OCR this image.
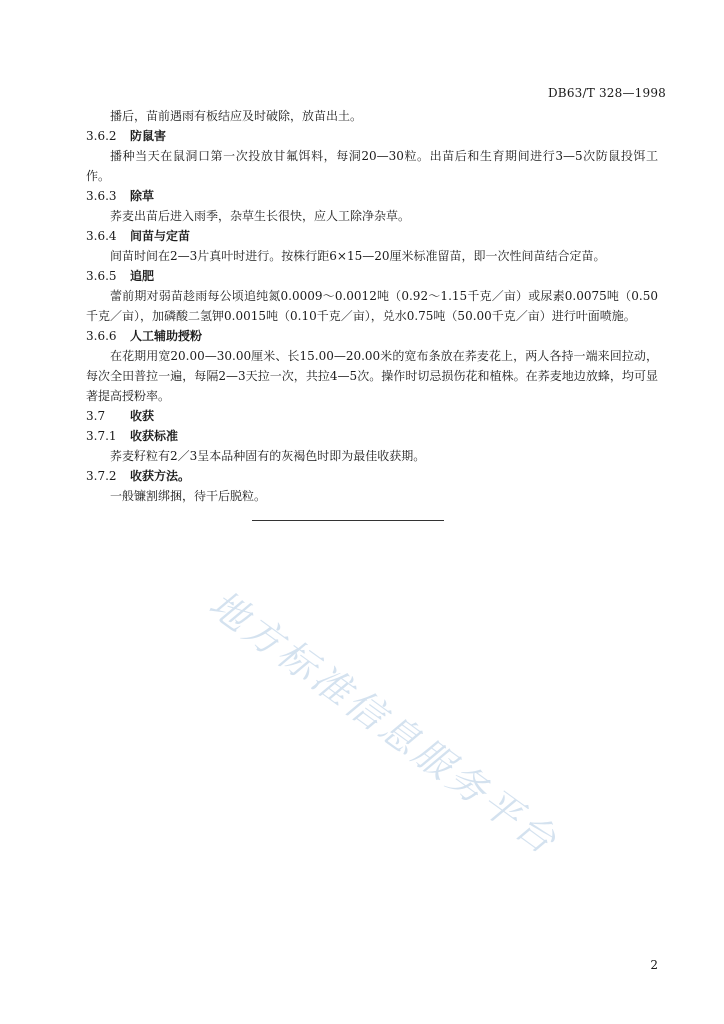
DB63/T 328—1998

播后，苗前遇雨有板结应及时破除，放苗出土。

3.6.2 防鼠害

播种当天在鼠洞口第一次投放甘氟饵料，每洞20—30粒。出苗后和生育期间进行3—5次防鼠投饵工作。

3.6.3 除草

荞麦出苗后进入雨季，杂草生长很快，应人工除净杂草。

3.6.4 间苗与定苗

间苗时间在2—3片真叶时进行。按株行距6×15—20厘米标准留苗，即一次性间苗结合定苗。

3.6.5 追肥

蕾前期对弱苗趁雨每公顷追纯氮0.0009～0.0012吨（0.92～1.15千克／亩）或尿素0.0075吨（0.50千克／亩），加磷酸二氢钾0.0015吨（0.10千克／亩），兑水0.75吨（50.00千克／亩）进行叶面喷施。

3.6.6 人工辅助授粉

在花期用宽20.00—30.00厘米、长15.00—20.00米的宽布条放在荞麦花上，两人各持一端来回拉动，每次全田普拉一遍，每隔2—3天拉一次，共拉4—5次。操作时切忌损伤花和植株。在荞麦地边放蜂，均可显著提高授粉率。

3.7 收获

3.7.1 收获标准

荞麦籽粒有2／3呈本品种固有的灰褐色时即为最佳收获期。

3.7.2 收获方法。

一般镰割绑捆，待干后脱粒。

地方标准信息服务平台
2
